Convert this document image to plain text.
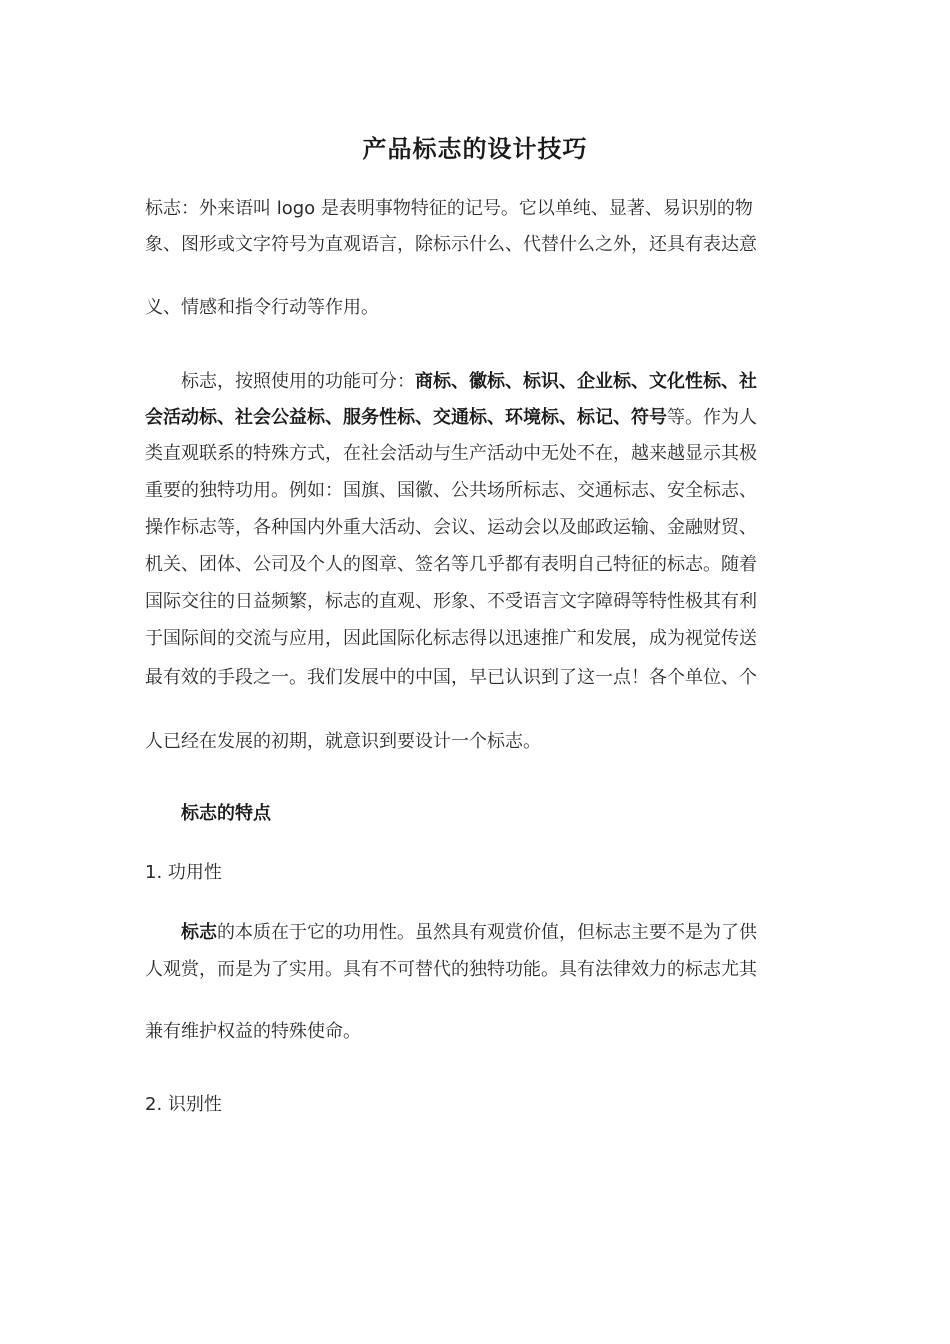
产品标志的设计技巧
标志：外来语叫 logo 是表明事物特征的记号。它以单纯、显著、易识别的物
象、图形或文字符号为直观语言，除标示什么、代替什么之外，还具有表达意
义、情感和指令行动等作用。
标志，按照使用的功能可分：商标、徽标、标识、企业标、文化性标、社
会活动标、社会公益标、服务性标、交通标、环境标、标记、符号等。作为人
类直观联系的特殊方式，在社会活动与生产活动中无处不在，越来越显示其极
重要的独特功用。例如：国旗、国徽、公共场所标志、交通标志、安全标志、
操作标志等，各种国内外重大活动、会议、运动会以及邮政运输、金融财贸、
机关、团体、公司及个人的图章、签名等几乎都有表明自己特征的标志。随着
国际交往的日益频繁，标志的直观、形象、不受语言文字障碍等特性极其有利
于国际间的交流与应用，因此国际化标志得以迅速推广和发展，成为视觉传送
最有效的手段之一。我们发展中的中国，早已认识到了这一点！各个单位、个
人已经在发展的初期，就意识到要设计一个标志。
标志的特点
1. 功用性
标志的本质在于它的功用性。虽然具有观赏价值，但标志主要不是为了供
人观赏，而是为了实用。具有不可替代的独特功能。具有法律效力的标志尤其
兼有维护权益的特殊使命。
2. 识别性
